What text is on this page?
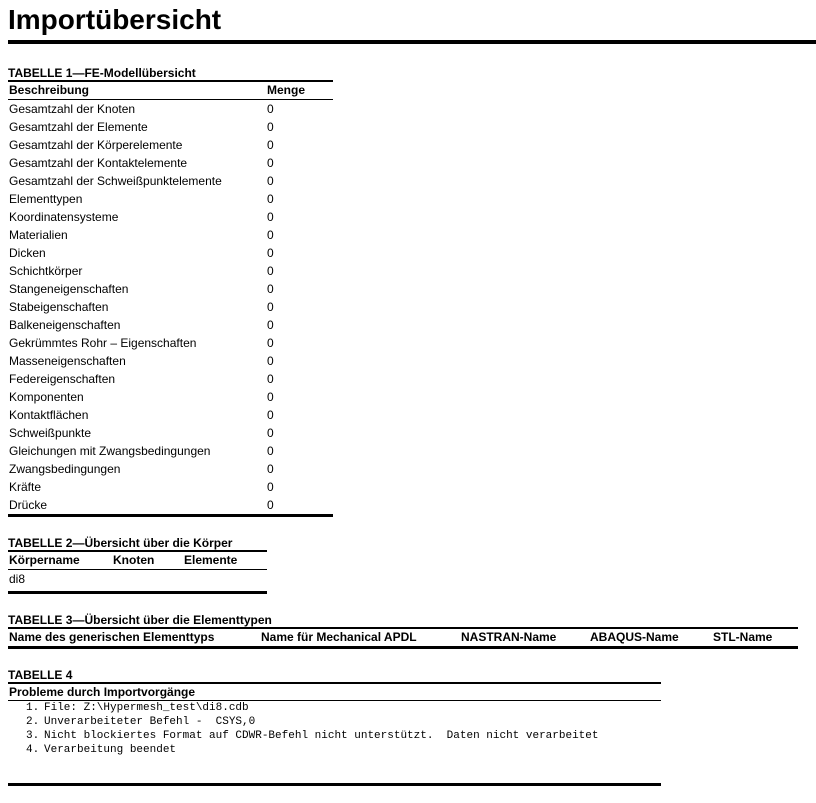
Importübersicht

TABELLE 1—FE-Modellübersicht

Beschreibung	Menge
Gesamtzahl der Knoten	0
Gesamtzahl der Elemente	0
Gesamtzahl der Körperelemente	0
Gesamtzahl der Kontaktelemente	0
Gesamtzahl der Schweißpunktelemente	0
Elementtypen	0
Koordinatensysteme	0
Materialien	0
Dicken	0
Schichtkörper	0
Stangeneigenschaften	0
Stabeigenschaften	0
Balkeneigenschaften	0
Gekrümmtes Rohr – Eigenschaften	0
Masseneigenschaften	0
Federeigenschaften	0
Komponenten	0
Kontaktflächen	0
Schweißpunkte	0
Gleichungen mit Zwangsbedingungen	0
Zwangsbedingungen	0
Kräfte	0
Drücke	0

TABELLE 2—Übersicht über die Körper

Körpername	Knoten	Elemente
di8		

TABELLE 3—Übersicht über die Elementtypen

Name des generischen Elementtyps	Name für Mechanical APDL	NASTRAN-Name	ABAQUS-Name	STL-Name

TABELLE 4

Probleme durch Importvorgänge
1. File: Z:\Hypermesh_test\di8.cdb
2. Unverarbeiteter Befehl -  CSYS,0
3. Nicht blockiertes Format auf CDWR-Befehl nicht unterstützt.  Daten nicht verarbeitet
4. Verarbeitung beendet
